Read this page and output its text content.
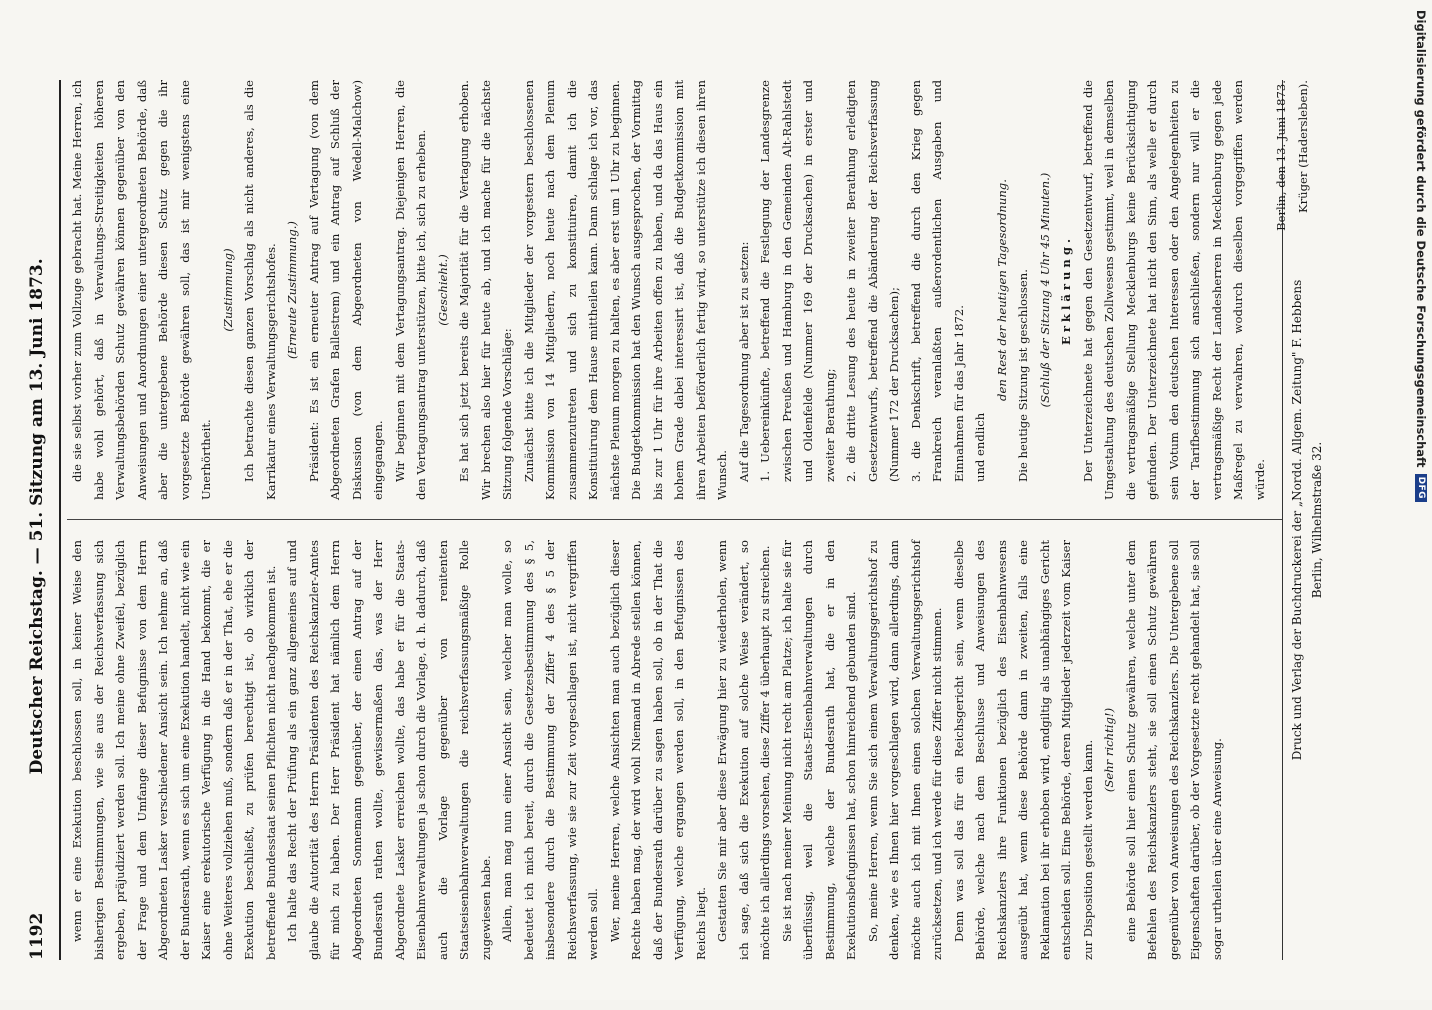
Digitalisierung gefördert durch die Deutsche Forschungsgemeinschaft
DFG
Druck und Verlag der Buchdruckerei der „Nordd. Allgem. Zeitung" F. Hebbens Berlin, Wilhelmstraße 32.

wenn er eine Exekution beschlossen soll, in keiner Weise den bisherigen Bestimmungen, wie sie aus der Reichsverfassung sich ergeben, präjudiziert werden soll. Ich meine ohne Zweifel, bezüglich der Frage und dem Umfange dieser Befugnisse von dem Herrn Abgeordneten Lasker verschiedener Ansicht sein. Ich nehme an, daß der Bundesrath, wenn es sich um eine Exekution handelt, nicht wie ein Kaiser eine erekutorische Verfügung in die Hand bekommt, die er ohne Weiteres vollziehen muß, sondern daß er in der That, ehe er die Exekution beschließt, zu prüfen berechtigt ist, ob wirklich der betreffende Bundesstaat seinen Pflichten nicht nachgekommen ist. Ich halte das Recht der Prüfung als ein ganz allgemeines auf und glaube die Autorität des Herrn Präsidenten des Reichskanzler-Amtes für mich zu haben. Der Herr Präsident hat nämlich dem Herrn Abgeordneten Sonnemann gegenüber, der einen Antrag auf der Bundesrath rathen wollte, gewissermaßen das, was der Herr Abgeordnete Lasker erreichen wollte, das habe er für die Staats-Eisenbahnverwaltungen ja schon durch die Vorlage, d. h. dadurch, daß auch die Vorlage gegenüber von renitenten Staatseisenbahnverwaltungen die reichsverfassungsmäßige Rolle zugewiesen habe. Allein, man mag nun einer Ansicht sein, welcher man wolle, so bedeutet ich mich bereit, durch die Gesetzesbestimmung des § 5, insbesondere durch die Bestimmung der Ziffer 4 des § 5 der Reichsverfassung, wie sie zur Zeit vorgeschlagen ist, nicht vergriffen werden soll. Wer, meine Herren, welche Ansichten man auch bezüglich dieser Rechte haben mag, der wird wohl Niemand in Abrede stellen können, daß der Bundesrath darüber zu sagen haben soll, ob in der That die Verfügung, welche ergangen werden soll, in den Befugnissen des Reichs liegt. Gestatten Sie mir aber diese Erwägung hier zu wiederholen, wenn ich sage, daß sich die Exekution auf solche Weise verändert, so möchte ich allerdings vorsehen, diese Ziffer 4 überhaupt zu streichen. Sie ist nach meiner Meinung nicht recht am Platze; ich halte sie für überflüssig, weil die Staats-Eisenbahnverwaltungen durch Bestimmung, welche der Bundesrath hat, die er in den Exekutionsbefugnissen hat, schon hinreichend gebunden sind. So, meine Herren, wenn Sie sich einem Verwaltungsgerichtshof zu denken, wie es Ihnen hier vorgeschlagen wird, dann allerdings, dann möchte auch ich mit Ihnen einen solchen Verwaltungsgerichtshof zurücksetzen, und ich werde für diese Ziffer nicht stimmen. Denn was soll das für ein Reichsgericht sein, wenn dieselbe Behörde, welche nach dem Beschlusse und Anweisungen des Reichskanzlers ihre Funktionen bezüglich des Eisenbahnwesens ausgeübt hat, wenn diese Behörde dann in zweiten, falls eine Reklamation bei ihr erhoben wird, endgiltig als unabhängiges Gericht entscheiden soll. Eine Behörde, deren Mitglieder jederzeit vom Kaiser zur Disposition gestellt werden kann. (Sehr richtig!) eine Behörde soll hier einen Schutz gewähren, welche unter dem Befehlen des Reichskanzlers steht, sie soll einen Schutz gewähren gegenüber von Anweisungen des Reichskanzlers. Die Untergebene soll Eigenschaften darüber, ob der Vorgesetzte recht gehandelt hat, sie soll sogar urtheilen über eine Anweisung.

die sie selbst vorher zum Vollzuge gebracht hat. Meine Herren, ich habe wohl gehört, daß in Verwaltungs-Streitigkeiten höheren Verwaltungsbehörden Schutz gewähren können gegenüber von den Anweisungen und Anordnungen einer untergeordneten Behörde, daß aber die untergebene Behörde diesen Schutz gegen die ihr vorgesetzte Behörde gewähren soll, das ist mir wenigstens eine Unerhörtheit.

(Zustimmung) Ich betrachte diesen ganzen Vorschlag als nicht anderes, als die Karrikatur eines Verwaltungsgerichtshofes. (Erneute Zustimmung.) Präsident: Es ist ein erneuter Antrag auf Vertagung (von dem Abgeordneten Grafen Ballestrem) und ein Antrag auf Schluß der Diskussion (von dem Abgeordneten von Wedell-Malchow) eingegangen. Wir beginnen mit dem Vertagungsantrag. Diejenigen Herren, die den Vertagungsantrag unterstützen, bitte ich, sich zu erheben. (Geschieht.) Es hat sich jetzt bereits die Majorität für die Vertagung erhoben. Wir brechen also hier für heute ab, und ich mache für die nächste Sitzung folgende Vorschläge: Zunächst bitte ich die Mitglieder der vorgestern beschlossenen Kommission von 14 Mitgliedern, noch heute nach dem Plenum zusammenzutreten und sich zu konstituiren, damit ich die Konstituirung dem Hause mittheilen kann. Dann schlage ich vor, das nächste Plenum morgen zu halten, es aber erst um 1 Uhr zu beginnen. Die Budgetkommission hat den Wunsch ausgesprochen, der Vormittag bis zur 1 Uhr für ihre Arbeiten offen zu haben, und da das Haus ein hohem Grade dabei interessirt ist, daß die Budgetkommission mit ihren Arbeiten beförderlich fertig wird, so unterstütze ich diesen ihren Wunsch. Auf die Tagesordnung aber ist zu setzen: 1. Uebereinkünfte, betreffend die Festlegung der Landesgrenze zwischen Preußen und Hamburg in den Gemeinden Alt-Rahlstedt und Oldenfelde (Nummer 169 der Drucksachen) in erster und zweiter Berathung; 2. die dritte Lesung des heute in zweiter Berathung erledigten Gesetzentwurfs, betreffend die Abänderung der Reichsverfassung (Nummer 172 der Drucksachen); 3. die Denkschrift, betreffend die durch den Krieg gegen Frankreich veranlaßten außerordentlichen Ausgaben und Einnahmen für das Jahr 1872. und endlich

den Rest der heutigen Tagesordnung. Die heutige Sitzung ist geschlossen. (Schluß der Sitzung 4 Uhr 45 Minuten.) Erklärung. Der Unterzeichnete hat gegen den Gesetzentwurf, betreffend die Umgestaltung des deutschen Zollwesens gestimmt, weil in demselben die vertragsmäßige Stellung Mecklenburgs keine Berücksichtigung gefunden. Der Unterzeichnete hat nicht den Sinn, als welle er durch sein Votum den deutschen Interessen oder den Angelegenheiten zu der Tarifbestimmung sich anschließen, sondern nur will er die vertragsmäßige Recht der Landesherren in Mecklenburg gegen jede Maßregel zu verwahren, wodurch dieselben vorgegriffen werden würde.

Berlin, den 13. Juni 1873. Krüger (Hadersleben).

1192
Deutscher Reichstag. — 51. Sitzung am 13. Juni 1873.
